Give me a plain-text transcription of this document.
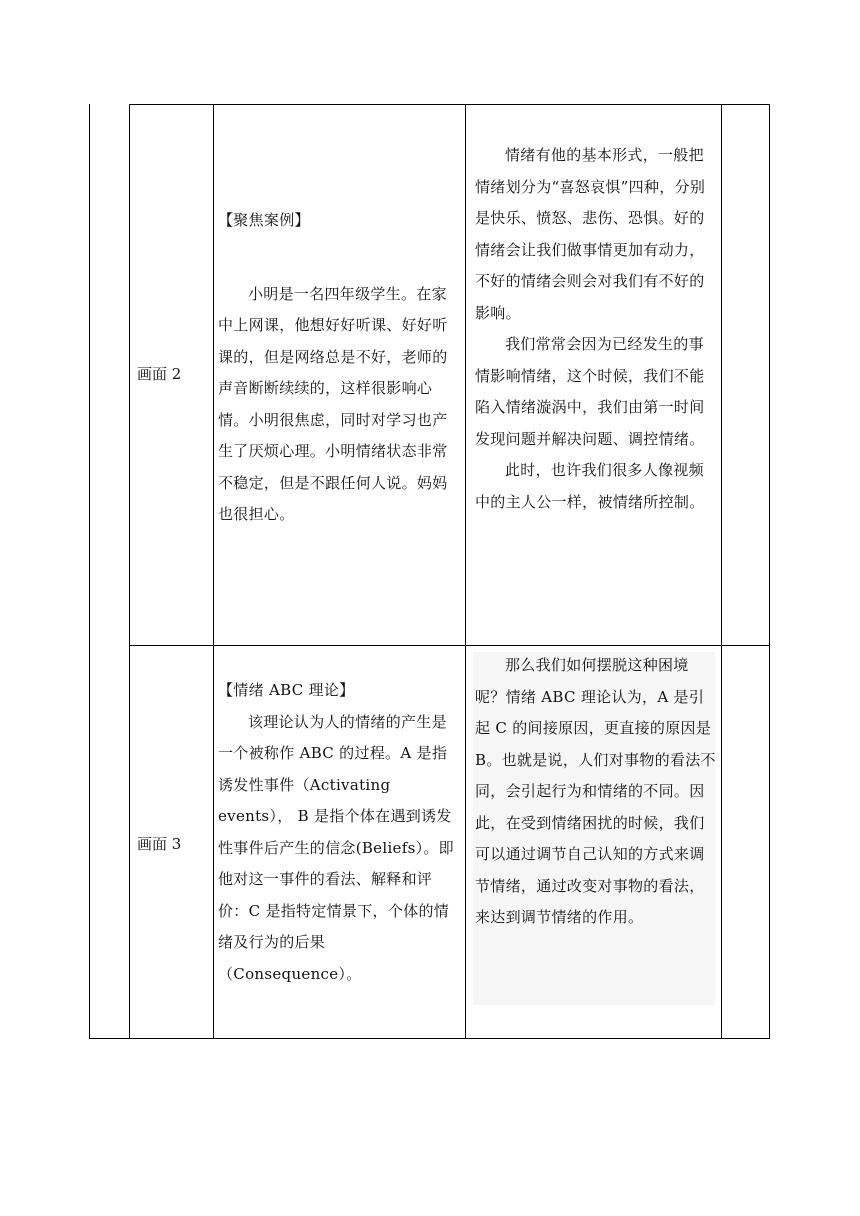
画面 2

【聚焦案例】

小明是一名四年级学生。在家中上网课，他想好好听课、好好听课的，但是网络总是不好，老师的声音断断续续的，这样很影响心情。小明很焦虑，同时对学习也产生了厌烦心理。小明情绪状态非常不稳定，但是不跟任何人说。妈妈也很担心。

情绪有他的基本形式，一般把情绪划分为“喜怒哀惧”四种，分别是快乐、愤怒、悲伤、恐惧。好的情绪会让我们做事情更加有动力，不好的情绪会则会对我们有不好的影响。

我们常常会因为已经发生的事情影响情绪，这个时候，我们不能陷入情绪漩涡中，我们由第一时间发现问题并解决问题、调控情绪。

此时，也许我们很多人像视频中的主人公一样，被情绪所控制。

画面 3

【情绪 ABC 理论】

该理论认为人的情绪的产生是一个被称作 ABC 的过程。A 是指诱发性事件（Activating events）， B 是指个体在遇到诱发性事件后产生的信念(Beliefs）。即他对这一事件的看法、解释和评价：C 是指特定情景下，个体的情绪及行为的后果（Consequence）。

那么我们如何摆脱这种困境呢？情绪 ABC 理论认为，A 是引起 C 的间接原因，更直接的原因是 B。也就是说，人们对事物的看法不同，会引起行为和情绪的不同。因此，在受到情绪困扰的时候，我们可以通过调节自己认知的方式来调节情绪，通过改变对事物的看法，来达到调节情绪的作用。
